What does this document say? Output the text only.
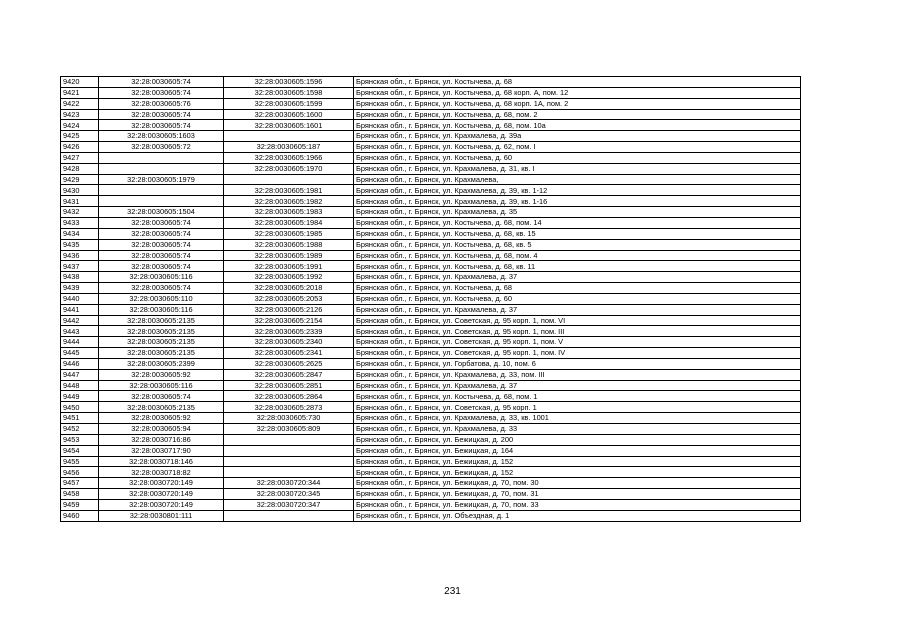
9420	32:28:0030605:74	32:28:0030605:1596	Брянская обл., г. Брянск, ул. Костычева, д. 68
9421	32:28:0030605:74	32:28:0030605:1598	Брянская обл., г. Брянск, ул. Костычева, д. 68 корп. А, пом. 12
9422	32:28:0030605:76	32:28:0030605:1599	Брянская обл., г. Брянск, ул. Костычева, д. 68 корп. 1А, пом. 2
9423	32:28:0030605:74	32:28:0030605:1600	Брянская обл., г. Брянск, ул. Костычева, д. 68, пом. 2
9424	32:28:0030605:74	32:28:0030605:1601	Брянская обл., г. Брянск, ул. Костычева, д. 68, пом. 10а
9425	32:28:0030605:1603		Брянская обл., г. Брянск, ул. Крахмалева, д. 39а
9426	32:28:0030605:72	32:28:0030605:187	Брянская обл., г. Брянск, ул. Костычева, д. 62, пом. I
9427		32:28:0030605:1966	Брянская обл., г. Брянск, ул. Костычева, д. 60
9428		32:28:0030605:1970	Брянская обл., г. Брянск, ул. Крахмалева, д. 31, кв. I
9429	32:28:0030605:1979		Брянская обл., г. Брянск, ул. Крахмалева,
9430		32:28:0030605:1981	Брянская обл., г. Брянск, ул. Крахмалева, д. 39, кв. 1-12
9431		32:28:0030605:1982	Брянская обл., г. Брянск, ул. Крахмалева, д. 39, кв. 1-16
9432	32:28:0030605:1504	32:28:0030605:1983	Брянская обл., г. Брянск, ул. Крахмалева, д. 35
9433	32:28:0030605:74	32:28:0030605:1984	Брянская обл., г. Брянск, ул. Костычева, д. 68, пом. 14
9434	32:28:0030605:74	32:28:0030605:1985	Брянская обл., г. Брянск, ул. Костычева, д. 68, кв. 15
9435	32:28:0030605:74	32:28:0030605:1988	Брянская обл., г. Брянск, ул. Костычева, д. 68, кв. 5
9436	32:28:0030605:74	32:28:0030605:1989	Брянская обл., г. Брянск, ул. Костычева, д. 68, пом. 4
9437	32:28:0030605:74	32:28:0030605:1991	Брянская обл., г. Брянск, ул. Костычева, д. 68, кв. 11
9438	32:28:0030605:116	32:28:0030605:1992	Брянская обл., г. Брянск, ул. Крахмалева, д. 37
9439	32:28:0030605:74	32:28:0030605:2018	Брянская обл., г. Брянск, ул. Костычева, д. 68
9440	32:28:0030605:110	32:28:0030605:2053	Брянская обл., г. Брянск, ул. Костычева, д. 60
9441	32:28:0030605:116	32:28:0030605:2126	Брянская обл., г. Брянск, ул. Крахмалева, д. 37
9442	32:28:0030605:2135	32:28:0030605:2154	Брянская обл., г. Брянск, ул. Советская, д. 95 корп. 1, пом. VI
9443	32:28:0030605:2135	32:28:0030605:2339	Брянская обл., г. Брянск, ул. Советская, д. 95 корп. 1, пом. III
9444	32:28:0030605:2135	32:28:0030605:2340	Брянская обл., г. Брянск, ул. Советская, д. 95 корп. 1, пом. V
9445	32:28:0030605:2135	32:28:0030605:2341	Брянская обл., г. Брянск, ул. Советская, д. 95 корп. 1, пом. IV
9446	32:28:0030605:2399	32:28:0030605:2625	Брянская обл., г. Брянск, ул. Горбатова, д. 10, пом. 6
9447	32:28:0030605:92	32:28:0030605:2847	Брянская обл., г. Брянск, ул. Крахмалева, д. 33, пом. III
9448	32:28:0030605:116	32:28:0030605:2851	Брянская обл., г. Брянск, ул. Крахмалева, д. 37
9449	32:28:0030605:74	32:28:0030605:2864	Брянская обл., г. Брянск, ул. Костычева, д. 68, пом. 1
9450	32:28:0030605:2135	32:28:0030605:2873	Брянская обл., г. Брянск, ул. Советская, д. 95 корп. 1
9451	32:28:0030605:92	32:28:0030605:730	Брянская обл., г. Брянск, ул. Крахмалева, д. 33, кв. 1001
9452	32:28:0030605:94	32:28:0030605:809	Брянская обл., г. Брянск, ул. Крахмалева, д. 33
9453	32:28:0030716:86		Брянская обл., г. Брянск, ул. Бежицкая, д. 200
9454	32:28:0030717:90		Брянская обл., г. Брянск, ул. Бежицкая, д. 164
9455	32:28:0030718:146		Брянская обл., г. Брянск, ул. Бежицкая, д. 152
9456	32:28:0030718:82		Брянская обл., г. Брянск, ул. Бежицкая, д. 152
9457	32:28:0030720:149	32:28:0030720:344	Брянская обл., г. Брянск, ул. Бежицкая, д. 70, пом. 30
9458	32:28:0030720:149	32:28:0030720:345	Брянская обл., г. Брянск, ул. Бежицкая, д. 70, пом. 31
9459	32:28:0030720:149	32:28:0030720:347	Брянская обл., г. Брянск, ул. Бежицкая, д. 70, пом. 33
9460	32:28:0030801:111		Брянская обл., г. Брянск, ул. Объездная, д. 1
231
